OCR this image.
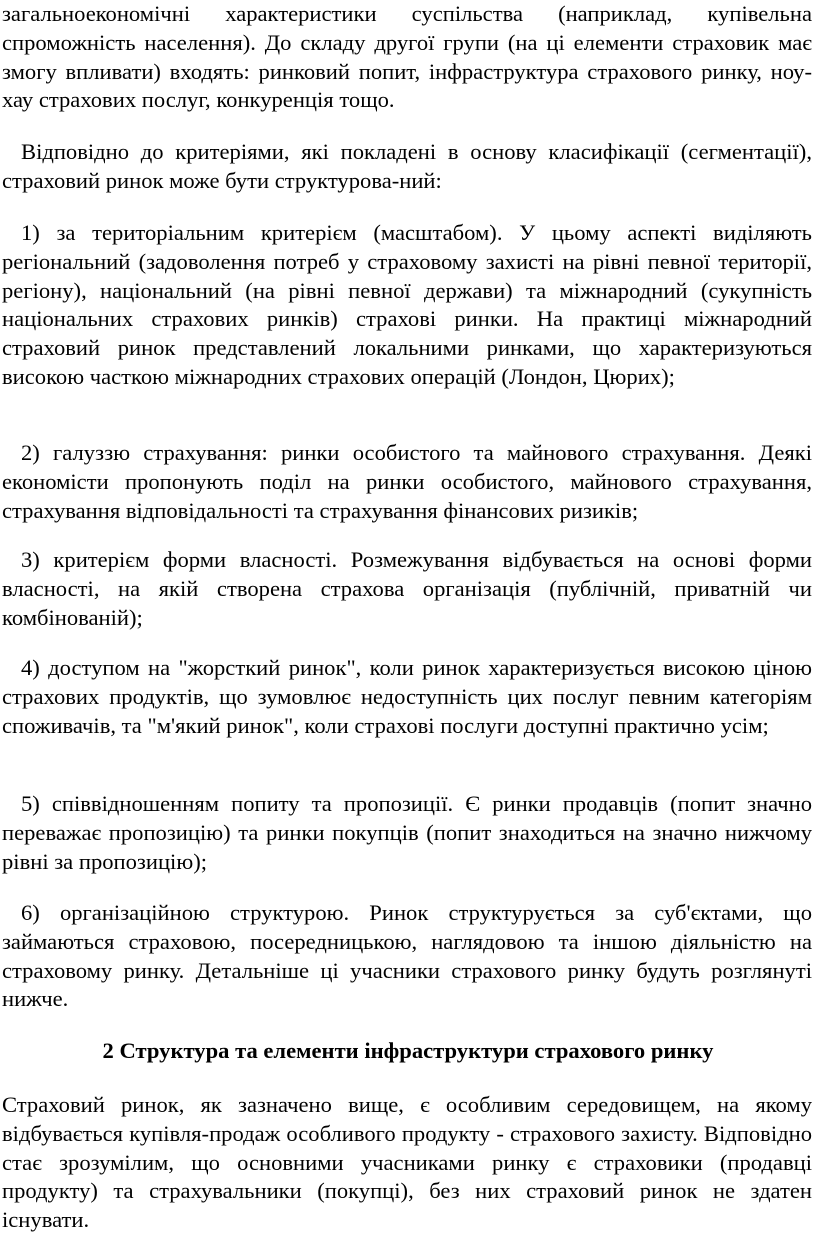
загальноекономічні характеристики суспільства (наприклад, купівельна спроможність населення). До складу другої групи (на ці елементи страховик має змогу впливати) входять: ринковий попит, інфраструктура страхового ринку, ноу-хау страхових послуг, конкуренція тощо.

Відповідно до критеріями, які покладені в основу класифікації (сегментації), страховий ринок може бути структурова-ний:

1) за територіальним критерієм (масштабом). У цьому аспекті виділяють регіональний (задоволення потреб у страховому захисті на рівні певної території, регіону), національний (на рівні певної держави) та міжнародний (сукупність національних страхових ринків) страхові ринки. На практиці міжнародний страховий ринок представлений локальними ринками, що характеризуються високою часткою міжнародних страхових операцій (Лондон, Цюрих);

2) галуззю страхування: ринки особистого та майнового страхування. Деякі економісти пропонують поділ на ринки особистого, майнового страхування, страхування відповідальності та страхування фінансових ризиків;

3) критерієм форми власності. Розмежування відбувається на основі форми власності, на якій створена страхова організація (публічній, приватній чи комбінованій);

4) доступом на "жорсткий ринок", коли ринок характеризується високою ціною страхових продуктів, що зумовлює недоступність цих послуг певним категоріям споживачів, та "м'який ринок", коли страхові послуги доступні практично усім;

5) співвідношенням попиту та пропозиції. Є ринки продавців (попит значно переважає пропозицію) та ринки покупців (попит знаходиться на значно нижчому рівні за пропозицію);

6) організаційною структурою. Ринок структурується за суб'єктами, що займаються страховою, посередницькою, наглядовою та іншою діяльністю на страховому ринку. Детальніше ці учасники страхового ринку будуть розглянуті нижче.

2 Структура та елементи інфраструктури страхового ринку

Страховий ринок, як зазначено вище, є особливим середовищем, на якому відбувається купівля-продаж особливого продукту - страхового захисту. Відповідно стає зрозумілим, що основними учасниками ринку є страховики (продавці продукту) та страхувальники (покупці), без них страховий ринок не здатен існувати.
